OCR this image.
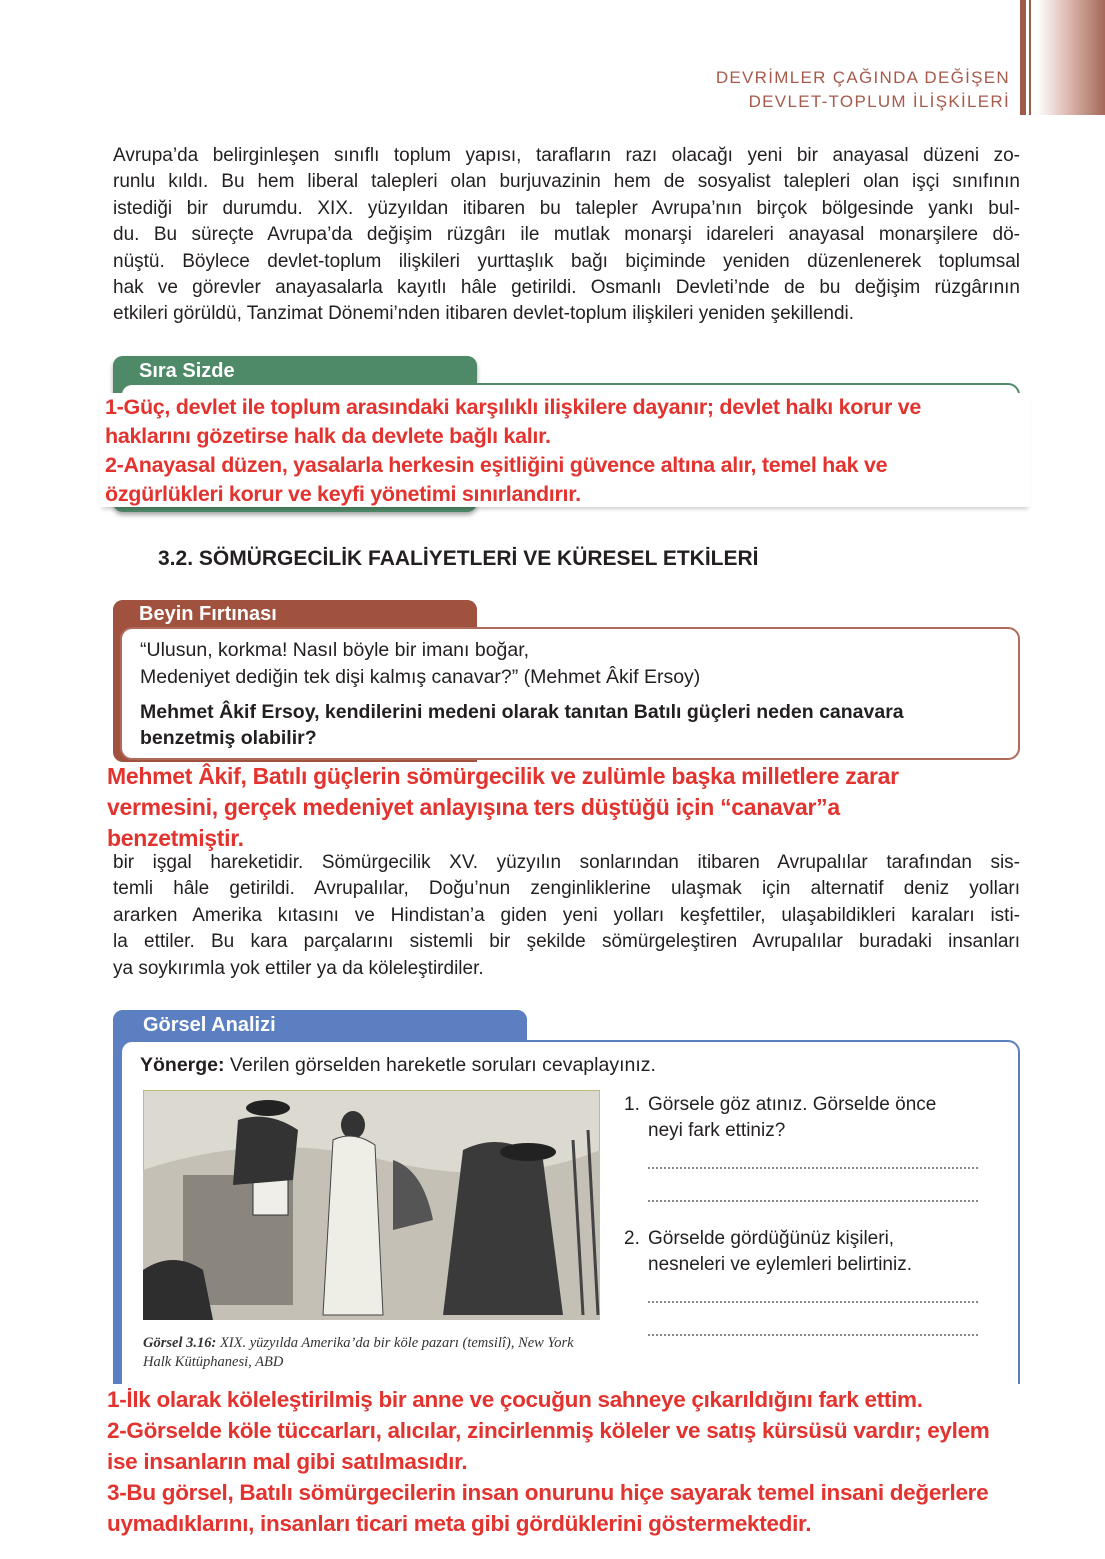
DEVRİMLER ÇAĞINDA DEĞİŞEN
DEVLET-TOPLUM İLİŞKİLERİ
Avrupa’da belirginleşen sınıflı toplum yapısı, tarafların razı olacağı yeni bir anayasal düzeni zo-
runlu kıldı. Bu hem liberal talepleri olan burjuvazinin hem de sosyalist talepleri olan işçi sınıfının
istediği bir durumdu. XIX. yüzyıldan itibaren bu talepler Avrupa’nın birçok bölgesinde yankı bul-
du. Bu süreçte Avrupa’da değişim rüzgârı ile mutlak monarşi idareleri anayasal monarşilere dö-
nüştü. Böylece devlet-toplum ilişkileri yurttaşlık bağı biçiminde yeniden düzenlenerek toplumsal
hak ve görevler anayasalarla kayıtlı hâle getirildi. Osmanlı Devleti’nde de bu değişim rüzgârının
etkileri görüldü, Tanzimat Dönemi’nden itibaren devlet-toplum ilişkileri yeniden şekillendi.
Sıra Sizde
1-Güç, devlet ile toplum arasındaki karşılıklı ilişkilere dayanır; devlet halkı korur ve
haklarını gözetirse halk da devlete bağlı kalır.
2-Anayasal düzen, yasalarla herkesin eşitliğini güvence altına alır, temel hak ve
özgürlükleri korur ve keyfi yönetimi sınırlandırır.
3.2. SÖMÜRGECİLİK FAALİYETLERİ VE KÜRESEL ETKİLERİ
Beyin Fırtınası
“Ulusun, korkma! Nasıl böyle bir imanı boğar,
Medeniyet dediğin tek dişi kalmış canavar?” (Mehmet Âkif Ersoy)
Mehmet Âkif Ersoy, kendilerini medeni olarak tanıtan Batılı güçleri neden canavara
benzetmiş olabilir?
Mehmet Âkif, Batılı güçlerin sömürgecilik ve zulümle başka milletlere zarar
vermesini, gerçek medeniyet anlayışına ters düştüğü için “canavar”a
benzetmiştir.
bir işgal hareketidir. Sömürgecilik XV. yüzyılın sonlarından itibaren Avrupalılar tarafından sis-
temli hâle getirildi. Avrupalılar, Doğu’nun zenginliklerine ulaşmak için alternatif deniz yolları
ararken Amerika kıtasını ve Hindistan’a giden yeni yolları keşfettiler, ulaşabildikleri karaları isti-
la ettiler. Bu kara parçalarını sistemli bir şekilde sömürgeleştiren Avrupalılar buradaki insanları
ya soykırımla yok ettiler ya da köleleştirdiler.
Görsel Analizi
Yönerge: Verilen görselden hareketle soruları cevaplayınız.
1. Görsele göz atınız. Görselde önce
neyi fark ettiniz?
2. Görselde gördüğünüz kişileri,
nesneleri ve eylemleri belirtiniz.
Görsel 3.16: XIX. yüzyılda Amerika’da bir köle pazarı (temsilî), New York
Halk Kütüphanesi, ABD
1-İlk olarak köleleştirilmiş bir anne ve çocuğun sahneye çıkarıldığını fark ettim.
2-Görselde köle tüccarları, alıcılar, zincirlenmiş köleler ve satış kürsüsü vardır; eylem
ise insanların mal gibi satılmasıdır.
3-Bu görsel, Batılı sömürgecilerin insan onurunu hiçe sayarak temel insani değerlere
uymadıklarını, insanları ticari meta gibi gördüklerini göstermektedir.
